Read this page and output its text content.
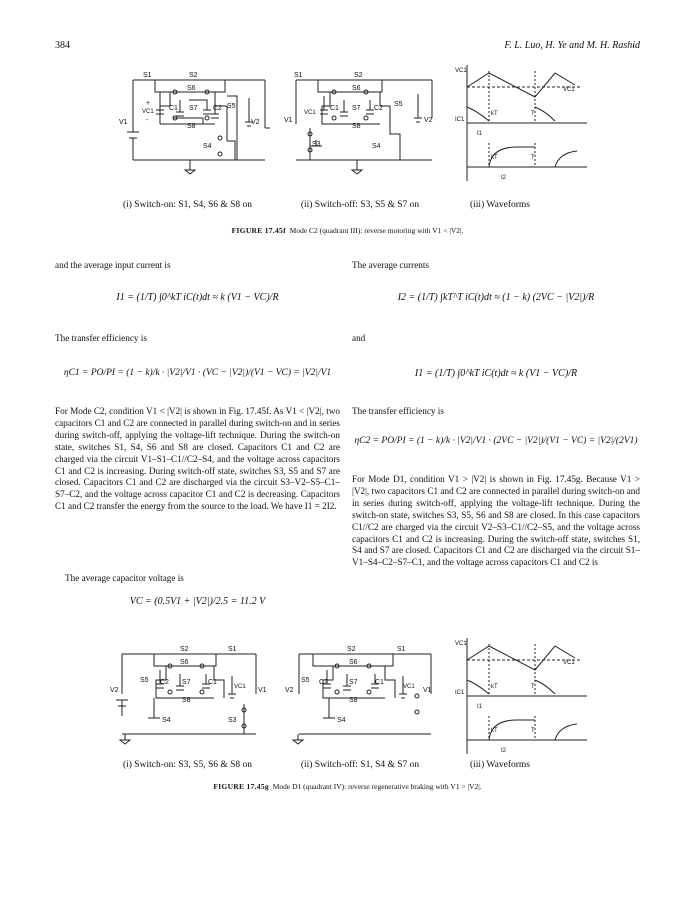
384	F. L. Luo, H. Ye and M. H. Rashid
S1	S2
S6
C1 S7 C2 S5
S8
S4
V1	V2
VC1
+
-
S1	S2
S6
C1 S7 C2
S5
S8
S3	S4
V1	V2
VC1
VC1
VC1
IC1
kT	T
I1
kT	T
I2
(i) Switch-on: S1, S4, S6 & S8 on	(ii) Switch-off: S3, S5 & S7 on	(iii) Waveforms
FIGURE 17.45f Mode C2 (quadrant III): reverse motoring with V1 < |V2|.
and the average input current is
I1 = (1/T) ∫0^kT iC(t)dt ≈ k (V1 − VC)/R
The transfer efficiency is
ηC1 = PO/PI = (1 − k)/k · |V2|/V1 · (VC − |V2|)/(V1 − VC) = |V2|/V1
For Mode C2, condition V1 < |V2| is shown in Fig. 17.45f. As V1 < |V2|, two capacitors C1 and C2 are connected in parallel during switch-on and in series during switch-off, applying the voltage-lift technique. During the switch-on state, switches S1, S4, S6 and S8 are closed. Capacitors C1 and C2 are charged via the circuit V1–S1–C1//C2–S4, and the voltage across capacitors C1 and C2 is increasing. During switch-off state, switches S3, S5 and S7 are closed. Capacitors C1 and C2 are discharged via the circuit S3–V2–S5–C1–S7–C2, and the voltage across capacitor C1 and C2 is decreasing. Capacitors C1 and C2 transfer the energy from the source to the load. We have I1 = 2I2.
The average capacitor voltage is
VC = (0.5V1 + |V2|)/2.5 = 11.2 V
The average currents
I2 = (1/T) ∫kT^T iC(t)dt ≈ (1 − k) (2VC − |V2|)/R
and
I1 = (1/T) ∫0^kT iC(t)dt ≈ k (V1 − VC)/R
The transfer efficiency is
ηC2 = PO/PI = (1 − k)/k · |V2|/V1 · (2VC − |V2|)/(V1 − VC) = |V2|/(2V1)
For Mode D1, condition V1 > |V2| is shown in Fig. 17.45g. Because V1 > |V2|, two capacitors C1 and C2 are connected in parallel during switch-on and in series during switch-off, applying the voltage-lift technique. During the switch-on state, switches S3, S5, S6 and S8 are closed. In this case capacitors C1//C2 are charged via the circuit V2–S3–C1//C2–S5, and the voltage across capacitors C1 and C2 is increasing. During the switch-off state, switches S1, S4 and S7 are closed. Capacitors C1 and C2 are discharged via the circuit S1–V1–S4–C2–S7–C1, and the voltage across capacitors C1 and C2 is
S2	S1
S6
S5 C2 S7 C1
S8
S4	S3
V2	V1
VC1
S2	S1
S6
S5 C2	S7 C1
S8
S4
V2	V1
VC1
VC1
VC1
IC1
kT	T
I1
kT	T
I2
(i) Switch-on: S3, S5, S6 & S8 on	(ii) Switch-off: S1, S4 & S7 on	(iii) Waveforms
FIGURE 17.45g Mode D1 (quadrant IV): reverse regenerative braking with V1 > |V2|.
